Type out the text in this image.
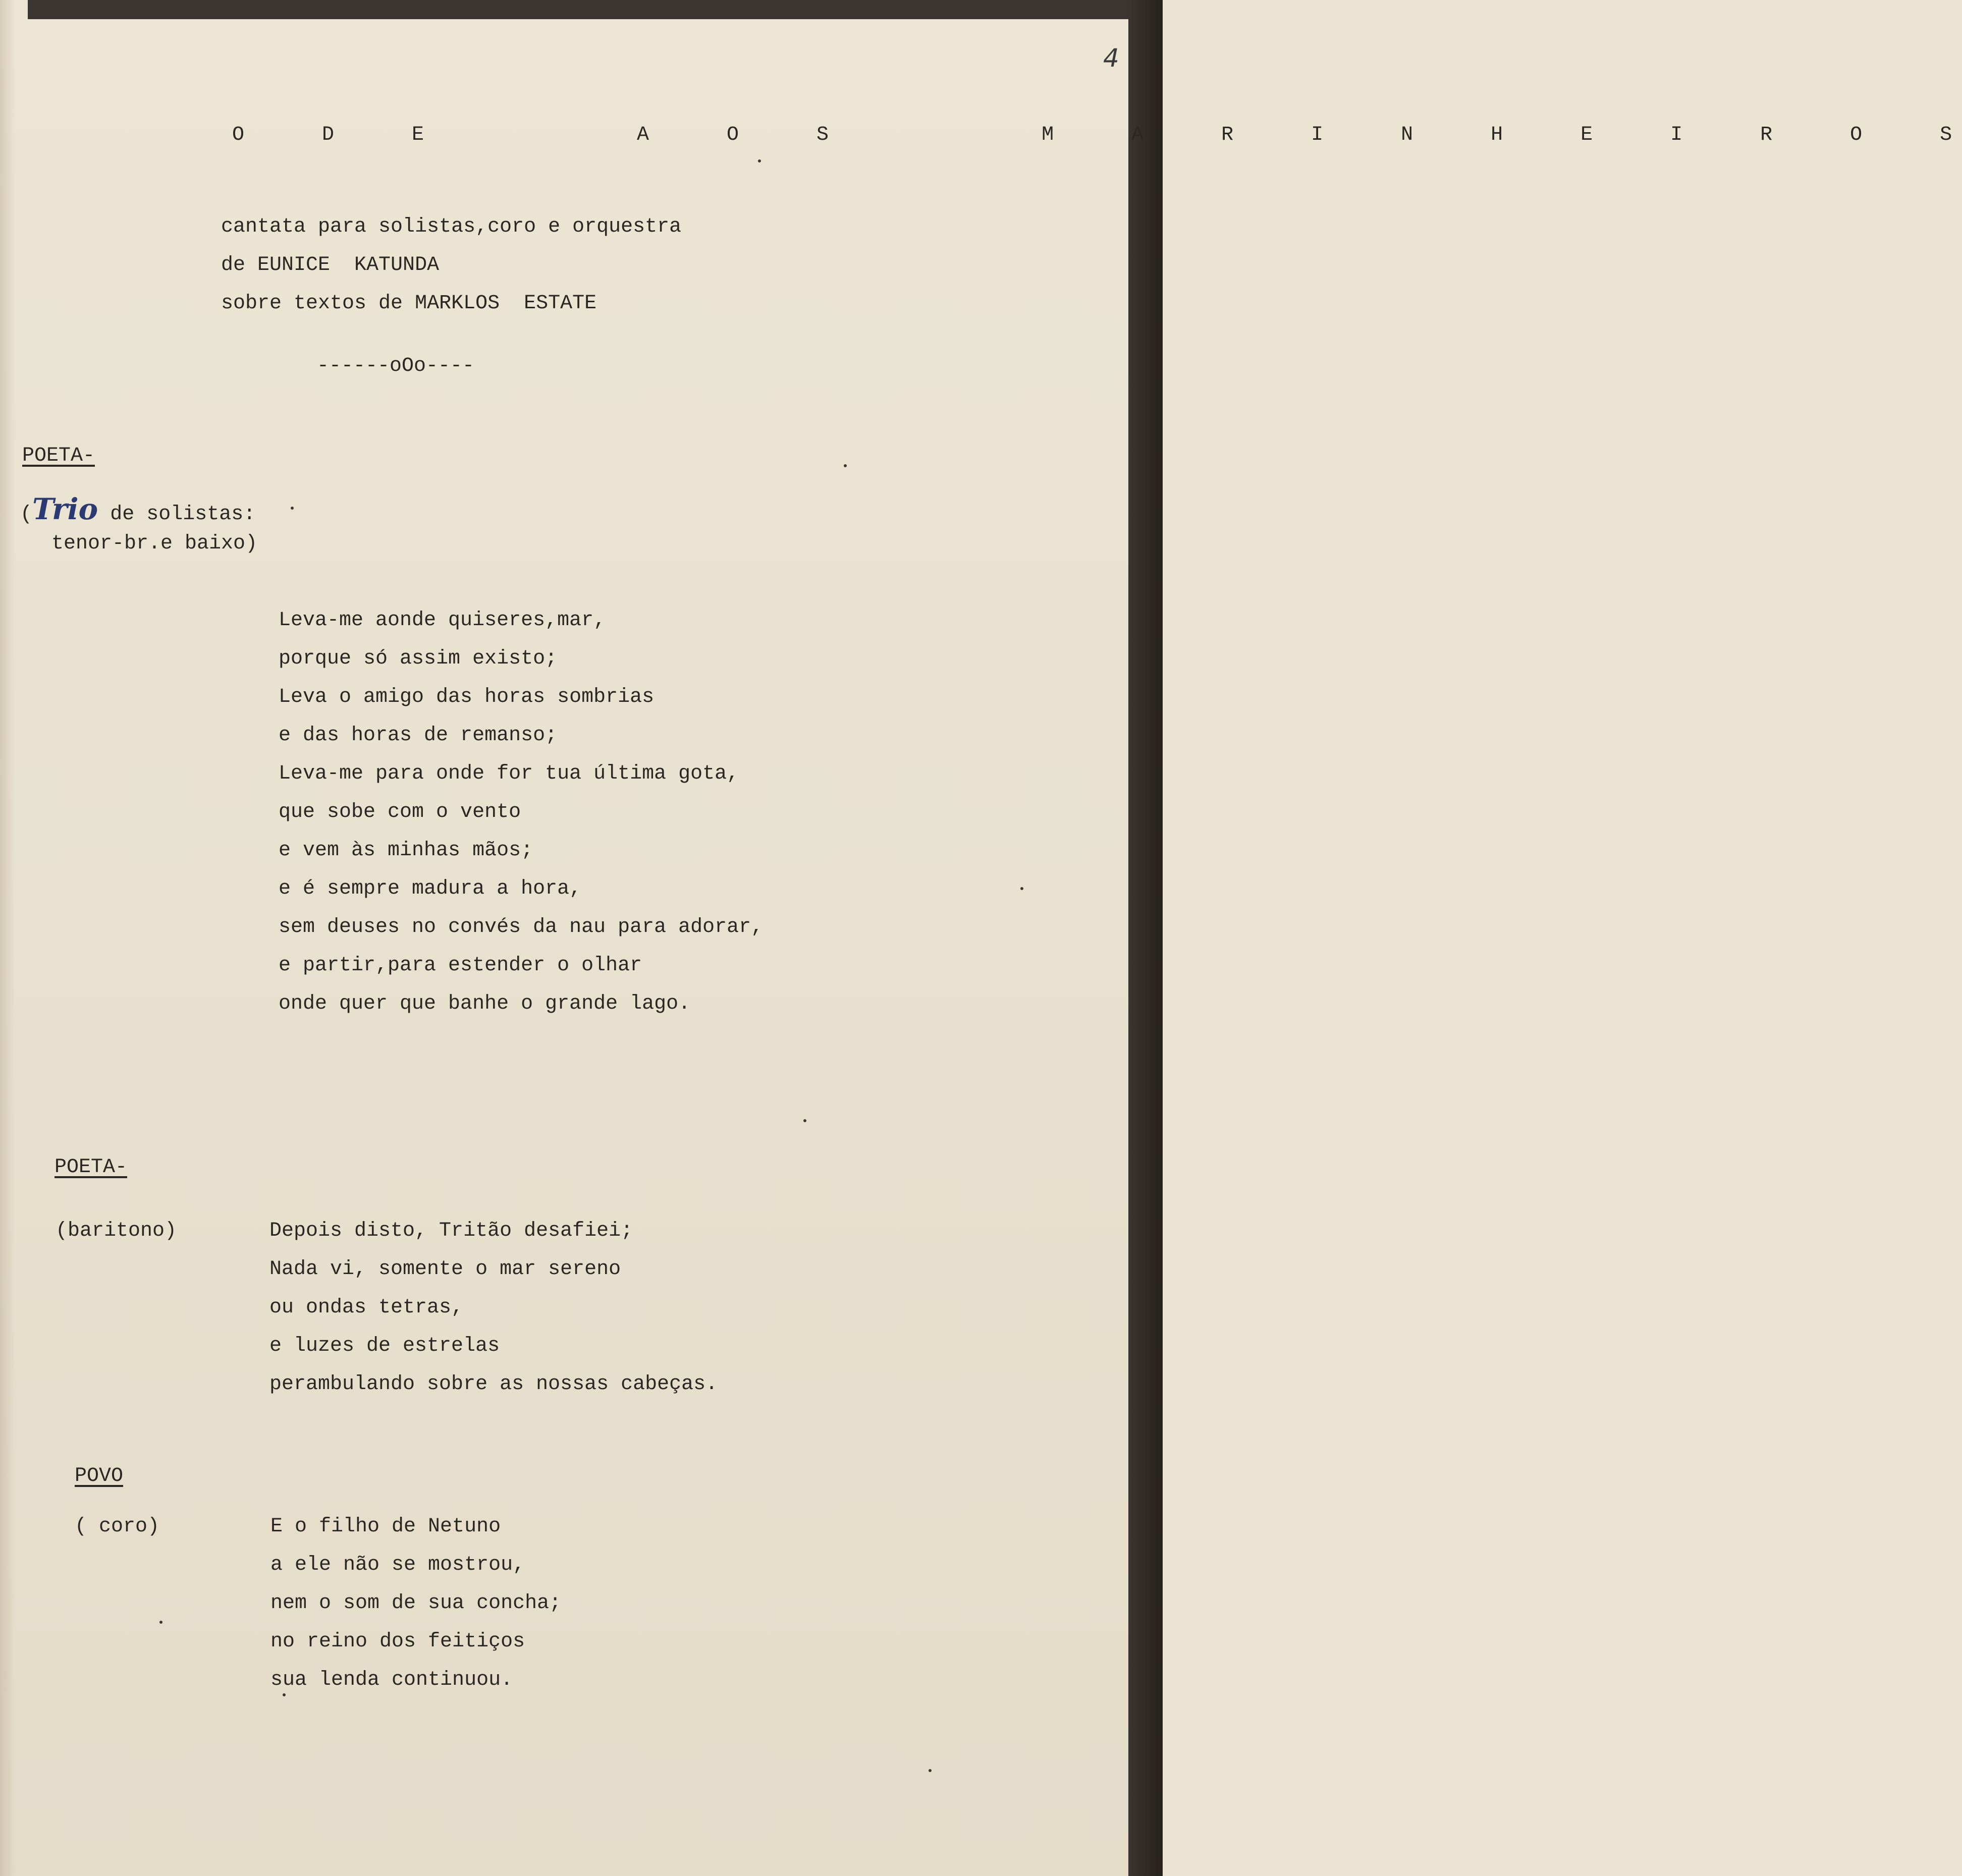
4
O D E   A O S   M A R I N H E I R O S
cantata para solistas,coro e orquestra
de EUNICE  KATUNDA
sobre textos de MARKLOS  ESTATE
------oOo----
POETA-
(Trio de solistas:
tenor-br.e baixo)
Leva-me aonde quiseres,mar,
porque só assim existo;
Leva o amigo das horas sombrias
e das horas de remanso;
Leva-me para onde for tua última gota,
que sobe com o vento
e vem às minhas mãos;
e é sempre madura a hora,
sem deuses no convés da nau para adorar,
e partir,para estender o olhar
onde quer que banhe o grande lago.
POETA-
(baritono)	Depois disto, Tritão desafiei;
Nada vi, somente o mar sereno
ou ondas tetras,
e luzes de estrelas
perambulando sobre as nossas cabeças.
POVO
( coro)	E o filho de Netuno
a ele não se mostrou,
nem o som de sua concha;
no reino dos feitiços
sua lenda continuou.
